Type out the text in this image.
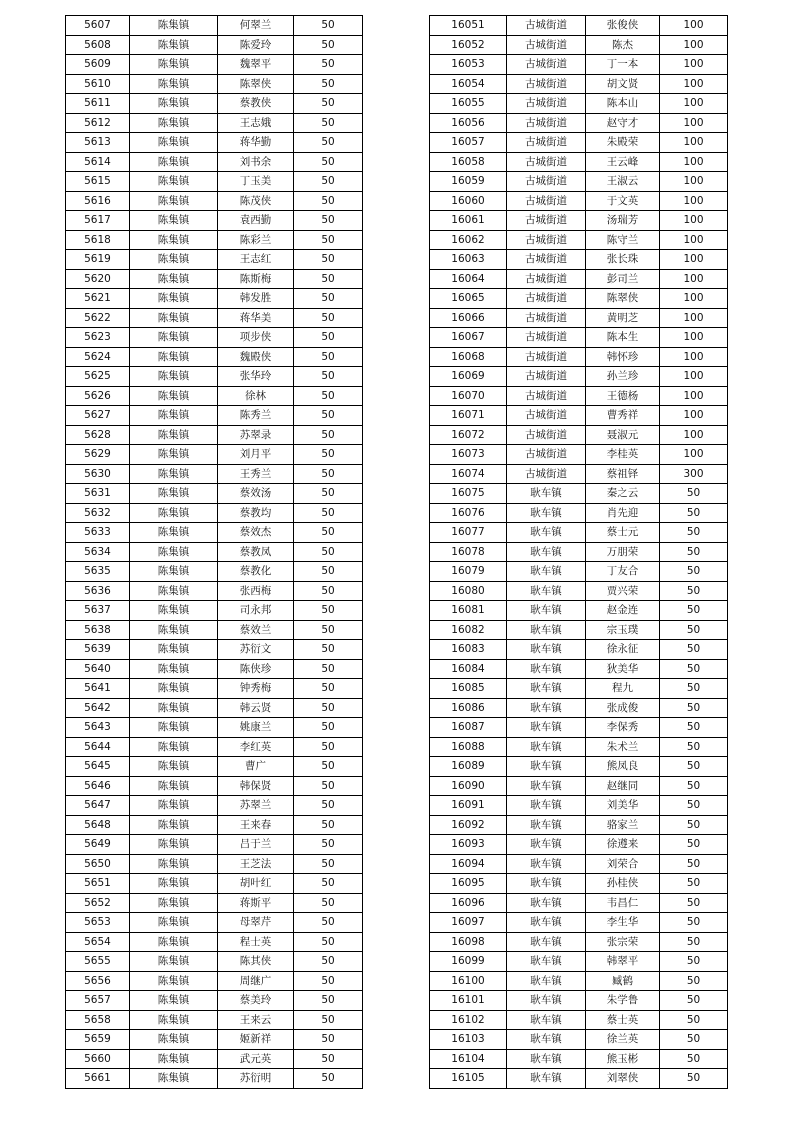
5607	陈集镇	何翠兰	50
5608	陈集镇	陈爱玲	50
5609	陈集镇	魏翠平	50
5610	陈集镇	陈翠侠	50
5611	陈集镇	蔡教侠	50
5612	陈集镇	王志娥	50
5613	陈集镇	蒋华勤	50
5614	陈集镇	刘书余	50
5615	陈集镇	丁玉美	50
5616	陈集镇	陈茂侠	50
5617	陈集镇	袁西勤	50
5618	陈集镇	陈彩兰	50
5619	陈集镇	王志红	50
5620	陈集镇	陈斯梅	50
5621	陈集镇	韩发胜	50
5622	陈集镇	蒋华美	50
5623	陈集镇	项步侠	50
5624	陈集镇	魏殿侠	50
5625	陈集镇	张华玲	50
5626	陈集镇	徐林	50
5627	陈集镇	陈秀兰	50
5628	陈集镇	苏翠录	50
5629	陈集镇	刘月平	50
5630	陈集镇	王秀兰	50
5631	陈集镇	蔡效汤	50
5632	陈集镇	蔡教均	50
5633	陈集镇	蔡效杰	50
5634	陈集镇	蔡教凤	50
5635	陈集镇	蔡教化	50
5636	陈集镇	张西梅	50
5637	陈集镇	司永邦	50
5638	陈集镇	蔡效兰	50
5639	陈集镇	苏衍文	50
5640	陈集镇	陈侠珍	50
5641	陈集镇	钟秀梅	50
5642	陈集镇	韩云贤	50
5643	陈集镇	姚康兰	50
5644	陈集镇	李红英	50
5645	陈集镇	曹广	50
5646	陈集镇	韩保贤	50
5647	陈集镇	苏翠兰	50
5648	陈集镇	王来春	50
5649	陈集镇	吕于兰	50
5650	陈集镇	王芝法	50
5651	陈集镇	胡叶红	50
5652	陈集镇	蒋斯平	50
5653	陈集镇	母翠芹	50
5654	陈集镇	程士英	50
5655	陈集镇	陈其侠	50
5656	陈集镇	周继广	50
5657	陈集镇	蔡美玲	50
5658	陈集镇	王来云	50
5659	陈集镇	姬新祥	50
5660	陈集镇	武元英	50
5661	陈集镇	苏衍明	50
16051	古城街道	张俊侠	100
16052	古城街道	陈杰	100
16053	古城街道	丁一本	100
16054	古城街道	胡文贤	100
16055	古城街道	陈本山	100
16056	古城街道	赵守才	100
16057	古城街道	朱殿荣	100
16058	古城街道	王云峰	100
16059	古城街道	王淑云	100
16060	古城街道	于文英	100
16061	古城街道	汤瑞芳	100
16062	古城街道	陈守兰	100
16063	古城街道	张长珠	100
16064	古城街道	彭司兰	100
16065	古城街道	陈翠侠	100
16066	古城街道	黄明芝	100
16067	古城街道	陈本生	100
16068	古城街道	韩怀珍	100
16069	古城街道	孙兰珍	100
16070	古城街道	王德杨	100
16071	古城街道	曹秀祥	100
16072	古城街道	聂淑元	100
16073	古城街道	李桂英	100
16074	古城街道	蔡祖铎	300
16075	耿车镇	秦之云	50
16076	耿车镇	肖先迎	50
16077	耿车镇	蔡士元	50
16078	耿车镇	万朋荣	50
16079	耿车镇	丁友合	50
16080	耿车镇	贾兴荣	50
16081	耿车镇	赵金连	50
16082	耿车镇	宗玉璞	50
16083	耿车镇	徐永征	50
16084	耿车镇	狄美华	50
16085	耿车镇	程九	50
16086	耿车镇	张成俊	50
16087	耿车镇	李保秀	50
16088	耿车镇	朱术兰	50
16089	耿车镇	熊凤良	50
16090	耿车镇	赵继同	50
16091	耿车镇	刘美华	50
16092	耿车镇	骆家兰	50
16093	耿车镇	徐遵来	50
16094	耿车镇	刘荣合	50
16095	耿车镇	孙桂侠	50
16096	耿车镇	韦昌仁	50
16097	耿车镇	李生华	50
16098	耿车镇	张宗荣	50
16099	耿车镇	韩翠平	50
16100	耿车镇	臧鹤	50
16101	耿车镇	朱学鲁	50
16102	耿车镇	蔡士英	50
16103	耿车镇	徐兰英	50
16104	耿车镇	熊玉彬	50
16105	耿车镇	刘翠侠	50
